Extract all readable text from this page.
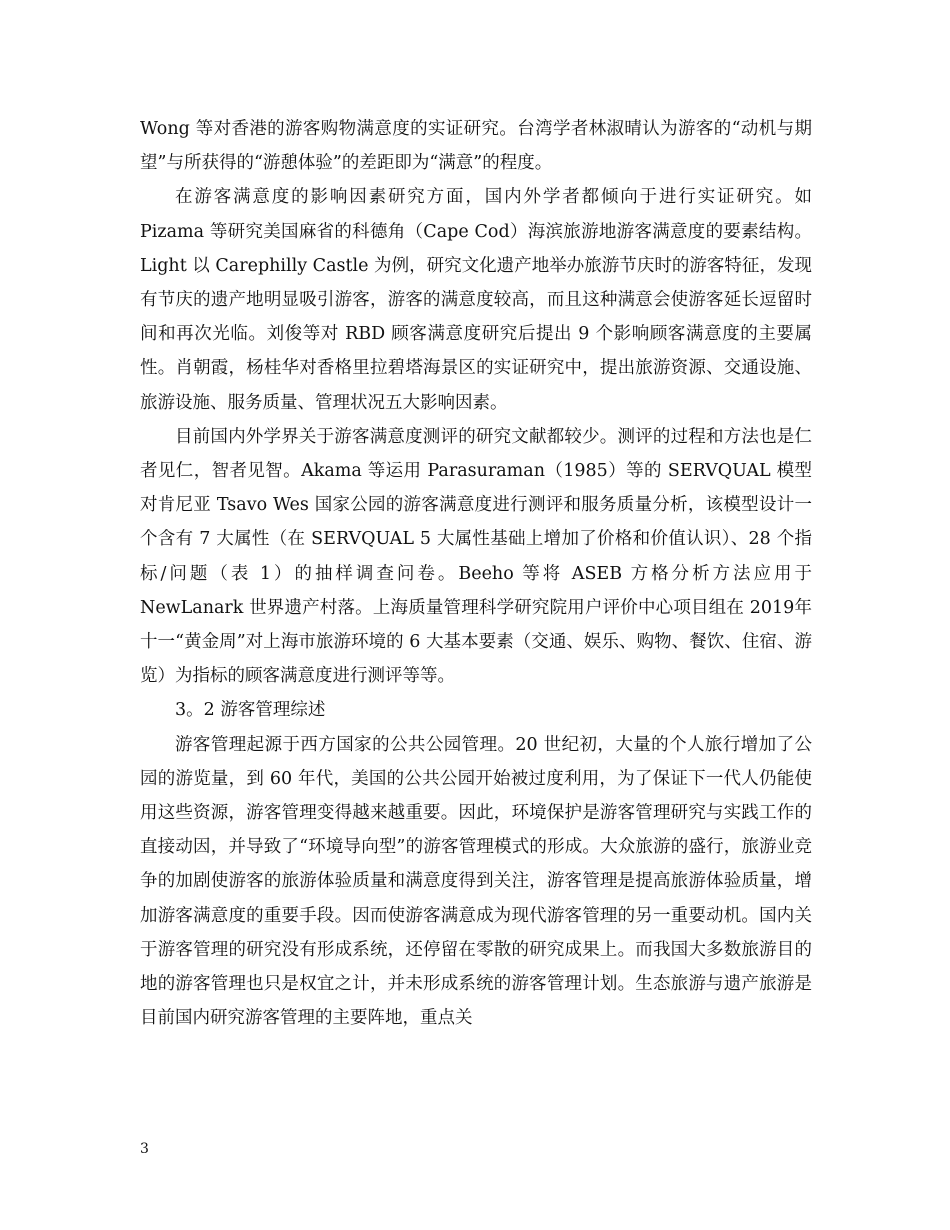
Wong 等对香港的游客购物满意度的实证研究。台湾学者林淑晴认为游客的“动机与期望”与所获得的“游憩体验”的差距即为“满意”的程度。

在游客满意度的影响因素研究方面，国内外学者都倾向于进行实证研究。如Pizama 等研究美国麻省的科德角（Cape Cod）海滨旅游地游客满意度的要素结构。Light 以 Carephilly Castle 为例，研究文化遗产地举办旅游节庆时的游客特征，发现有节庆的遗产地明显吸引游客，游客的满意度较高，而且这种满意会使游客延长逗留时间和再次光临。刘俊等对 RBD 顾客满意度研究后提出 9 个影响顾客满意度的主要属性。肖朝霞，杨桂华对香格里拉碧塔海景区的实证研究中，提出旅游资源、交通设施、旅游设施、服务质量、管理状况五大影响因素。

目前国内外学界关于游客满意度测评的研究文献都较少。测评的过程和方法也是仁者见仁，智者见智。Akama 等运用 Parasuraman（1985）等的 SERVQUAL 模型对肯尼亚 Tsavo Wes 国家公园的游客满意度进行测评和服务质量分析，该模型设计一个含有 7 大属性（在 SERVQUAL 5 大属性基础上增加了价格和价值认识）、28 个指标/问题（表 1）的抽样调查问卷。Beeho 等将 ASEB 方格分析方法应用于NewLanark 世界遗产村落。上海质量管理科学研究院用户评价中心项目组在 2019年十一“黄金周”对上海市旅游环境的 6 大基本要素（交通、娱乐、购物、餐饮、住宿、游览）为指标的顾客满意度进行测评等等。

3。2 游客管理综述

游客管理起源于西方国家的公共公园管理。20 世纪初，大量的个人旅行增加了公园的游览量，到 60 年代，美国的公共公园开始被过度利用，为了保证下一代人仍能使用这些资源，游客管理变得越来越重要。因此，环境保护是游客管理研究与实践工作的直接动因，并导致了“环境导向型”的游客管理模式的形成。大众旅游的盛行，旅游业竞争的加剧使游客的旅游体验质量和满意度得到关注，游客管理是提高旅游体验质量，增加游客满意度的重要手段。因而使游客满意成为现代游客管理的另一重要动机。国内关于游客管理的研究没有形成系统，还停留在零散的研究成果上。而我国大多数旅游目的地的游客管理也只是权宜之计，并未形成系统的游客管理计划。生态旅游与遗产旅游是目前国内研究游客管理的主要阵地，重点关

3
